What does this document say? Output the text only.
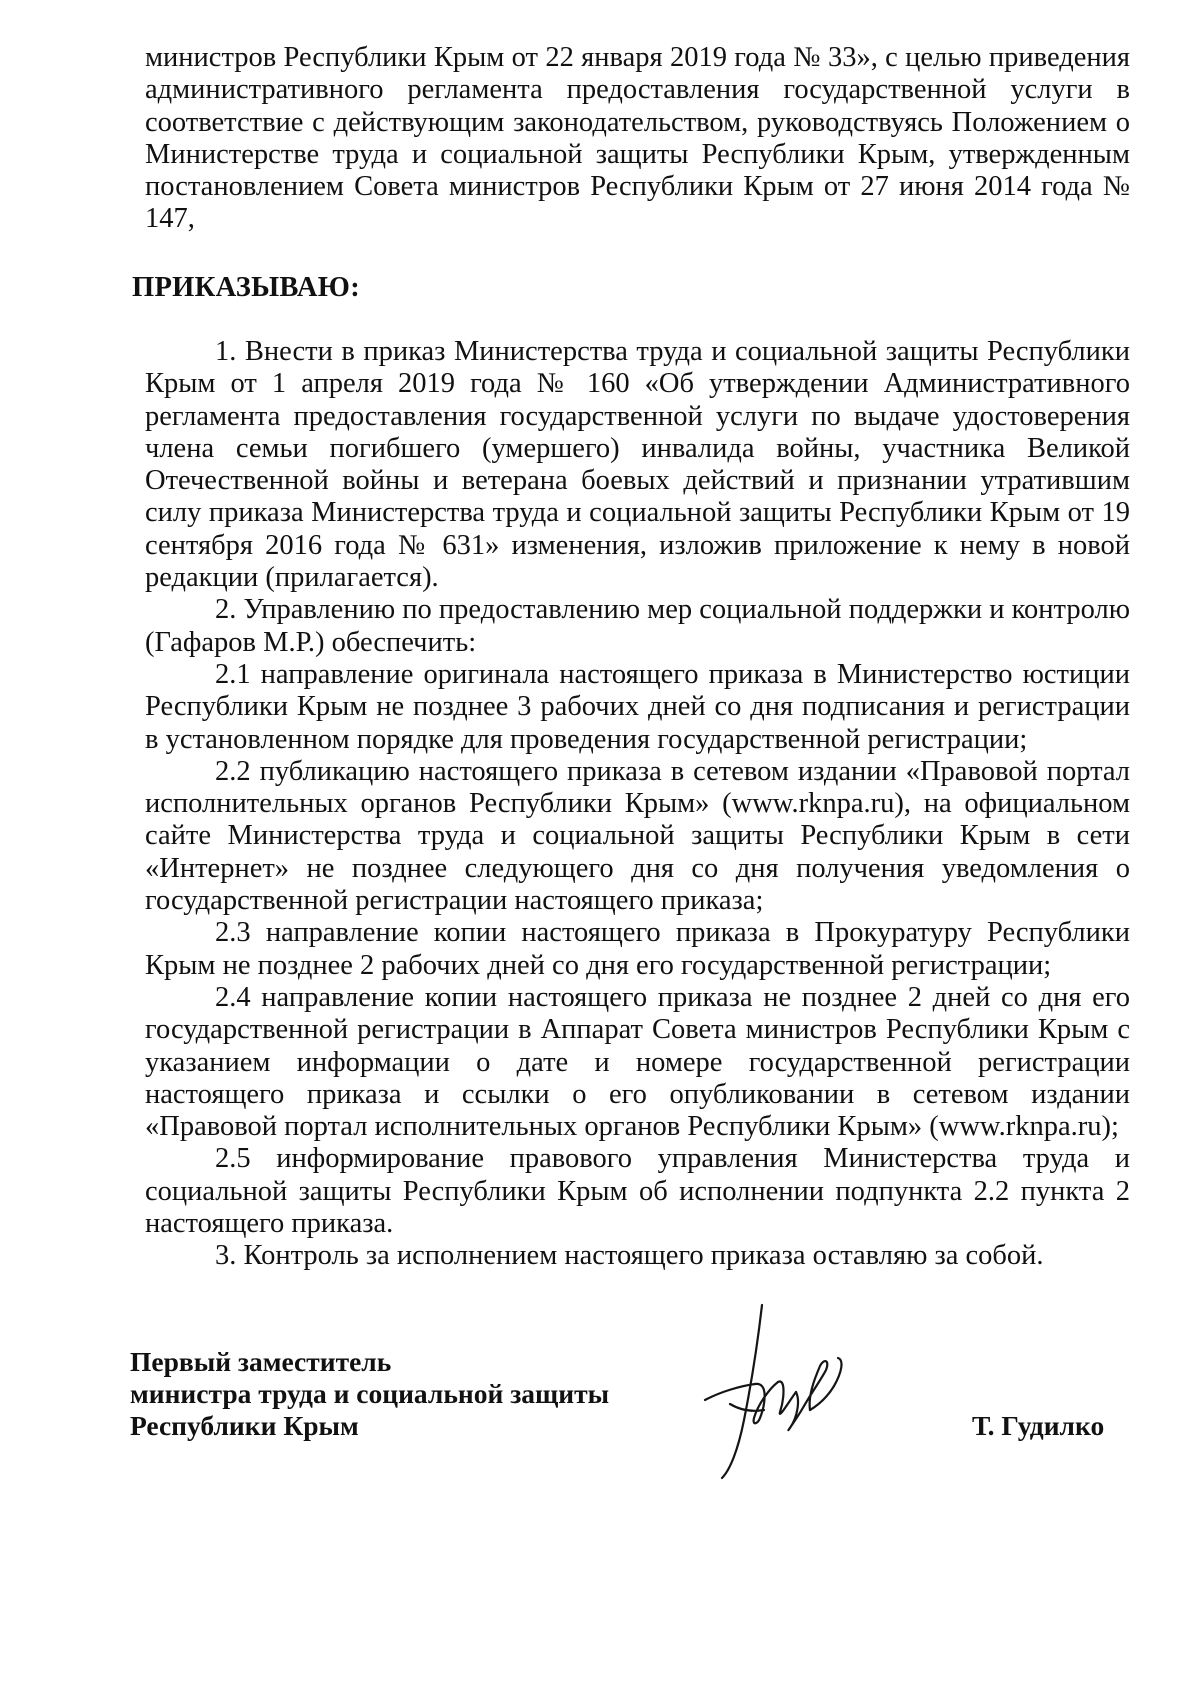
министров Республики Крым от 22 января 2019 года № 33», с целью приведения административного регламента предоставления государственной услуги в соответствие с действующим законодательством, руководствуясь Положением о Министерстве труда и социальной защиты Республики Крым, утвержденным постановлением Совета министров Республики Крым от 27 июня 2014 года № 147,

ПРИКАЗЫВАЮ:

1. Внести в приказ Министерства труда и социальной защиты Республики Крым от 1 апреля 2019 года № 160 «Об утверждении Административного регламента предоставления государственной услуги по выдаче удостоверения члена семьи погибшего (умершего) инвалида войны, участника Великой Отечественной войны и ветерана боевых действий и признании утратившим силу приказа Министерства труда и социальной защиты Республики Крым от 19 сентября 2016 года № 631» изменения, изложив приложение к нему в новой редакции (прилагается).

2. Управлению по предоставлению мер социальной поддержки и контролю (Гафаров М.Р.) обеспечить:

2.1 направление оригинала настоящего приказа в Министерство юстиции Республики Крым не позднее 3 рабочих дней со дня подписания и регистрации в установленном порядке для проведения государственной регистрации;

2.2 публикацию настоящего приказа в сетевом издании «Правовой портал исполнительных органов Республики Крым» (www.rknpa.ru), на официальном сайте Министерства труда и социальной защиты Республики Крым в сети «Интернет» не позднее следующего дня со дня получения уведомления о государственной регистрации настоящего приказа;

2.3 направление копии настоящего приказа в Прокуратуру Республики Крым не позднее 2 рабочих дней со дня его государственной регистрации;

2.4 направление копии настоящего приказа не позднее 2 дней со дня его государственной регистрации в Аппарат Совета министров Республики Крым с указанием информации о дате и номере государственной регистрации настоящего приказа и ссылки о его опубликовании в сетевом издании «Правовой портал исполнительных органов Республики Крым» (www.rknpa.ru);

2.5 информирование правового управления Министерства труда и социальной защиты Республики Крым об исполнении подпункта 2.2 пункта 2 настоящего приказа.

3. Контроль за исполнением настоящего приказа оставляю за собой.

Первый заместитель
министра труда и социальной защиты
Республики Крым	Т. Гудилко
